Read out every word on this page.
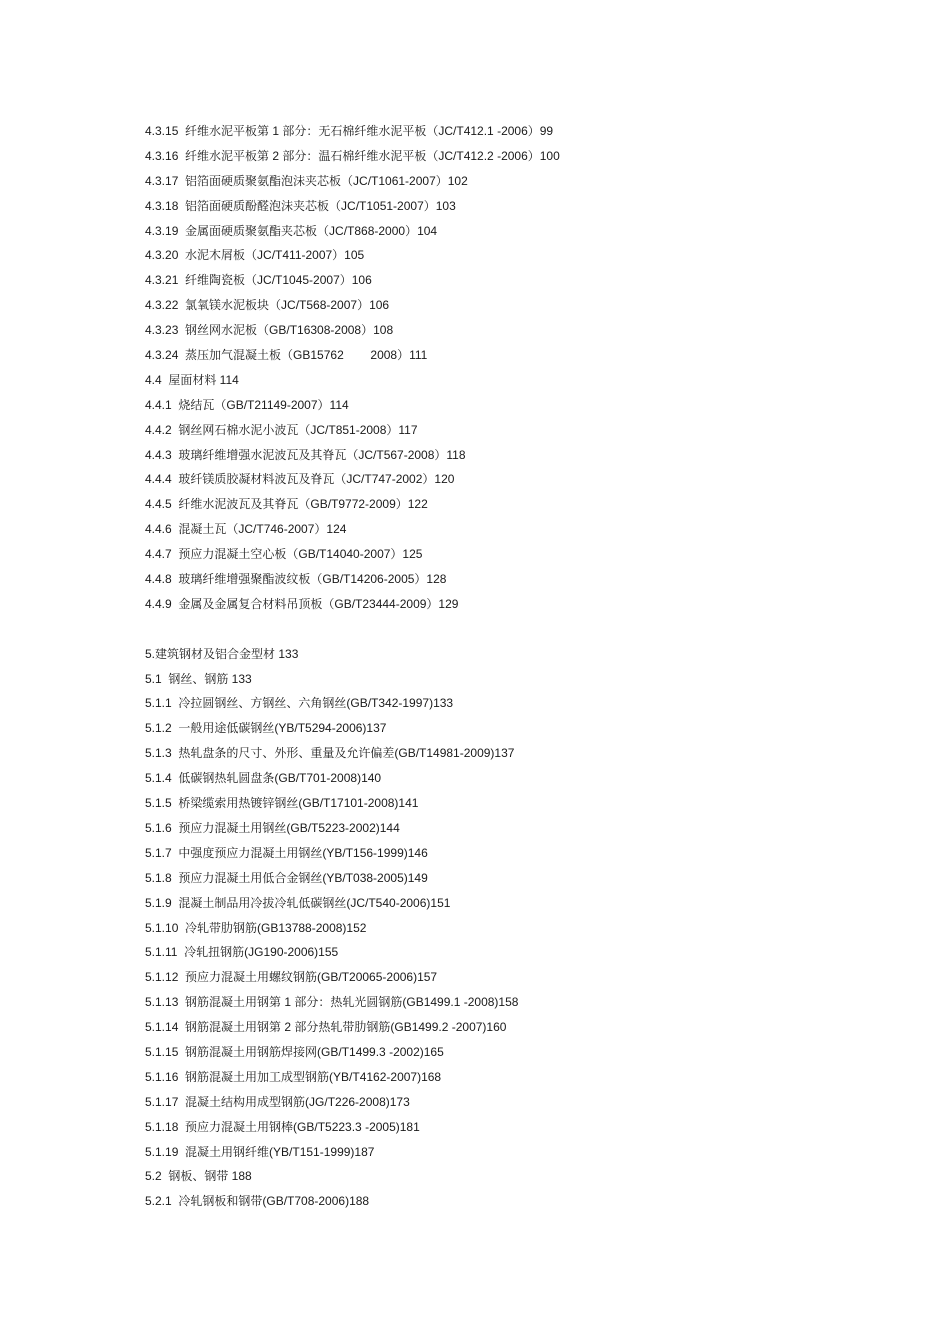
4.3.15  纤维水泥平板第 1 部分：无石棉纤维水泥平板（JC/T412.1 -2006）99
4.3.16  纤维水泥平板第 2 部分：温石棉纤维水泥平板（JC/T412.2 -2006）100
4.3.17  铝箔面硬质聚氨酯泡沫夹芯板（JC/T1061-2007）102
4.3.18  铝箔面硬质酚醛泡沫夹芯板（JC/T1051-2007）103
4.3.19  金属面硬质聚氨酯夹芯板（JC/T868-2000）104
4.3.20  水泥木屑板（JC/T411-2007）105
4.3.21  纤维陶瓷板（JC/T1045-2007）106
4.3.22  氯氧镁水泥板块（JC/T568-2007）106
4.3.23  钢丝网水泥板（GB/T16308-2008）108
4.3.24  蒸压加气混凝土板（GB15762        2008）111
4.4  屋面材料 114
4.4.1  烧结瓦（GB/T21149-2007）114
4.4.2  钢丝网石棉水泥小波瓦（JC/T851-2008）117
4.4.3  玻璃纤维增强水泥波瓦及其脊瓦（JC/T567-2008）118
4.4.4  玻纤镁质胶凝材料波瓦及脊瓦（JC/T747-2002）120
4.4.5  纤维水泥波瓦及其脊瓦（GB/T9772-2009）122
4.4.6  混凝土瓦（JC/T746-2007）124
4.4.7  预应力混凝土空心板（GB/T14040-2007）125
4.4.8  玻璃纤维增强聚酯波纹板（GB/T14206-2005）128
4.4.9  金属及金属复合材料吊顶板（GB/T23444-2009）129
5.建筑钢材及铝合金型材 133
5.1  钢丝、钢筋 133
5.1.1  冷拉圆钢丝、方钢丝、六角钢丝(GB/T342-1997)133
5.1.2  一般用途低碳钢丝(YB/T5294-2006)137
5.1.3  热轧盘条的尺寸、外形、重量及允许偏差(GB/T14981-2009)137
5.1.4  低碳钢热轧圆盘条(GB/T701-2008)140
5.1.5  桥梁缆索用热镀锌钢丝(GB/T17101-2008)141
5.1.6  预应力混凝土用钢丝(GB/T5223-2002)144
5.1.7  中强度预应力混凝土用钢丝(YB/T156-1999)146
5.1.8  预应力混凝土用低合金钢丝(YB/T038-2005)149
5.1.9  混凝土制品用冷拔冷轧低碳钢丝(JC/T540-2006)151
5.1.10  冷轧带肋钢筋(GB13788-2008)152
5.1.11  冷轧扭钢筋(JG190-2006)155
5.1.12  预应力混凝土用螺纹钢筋(GB/T20065-2006)157
5.1.13  钢筋混凝土用钢第 1 部分：热轧光圆钢筋(GB1499.1 -2008)158
5.1.14  钢筋混凝土用钢第 2 部分热轧带肋钢筋(GB1499.2 -2007)160
5.1.15  钢筋混凝土用钢筋焊接网(GB/T1499.3 -2002)165
5.1.16  钢筋混凝土用加工成型钢筋(YB/T4162-2007)168
5.1.17  混凝土结构用成型钢筋(JG/T226-2008)173
5.1.18  预应力混凝土用钢棒(GB/T5223.3 -2005)181
5.1.19  混凝土用钢纤维(YB/T151-1999)187
5.2  钢板、钢带 188
5.2.1  冷轧钢板和钢带(GB/T708-2006)188
